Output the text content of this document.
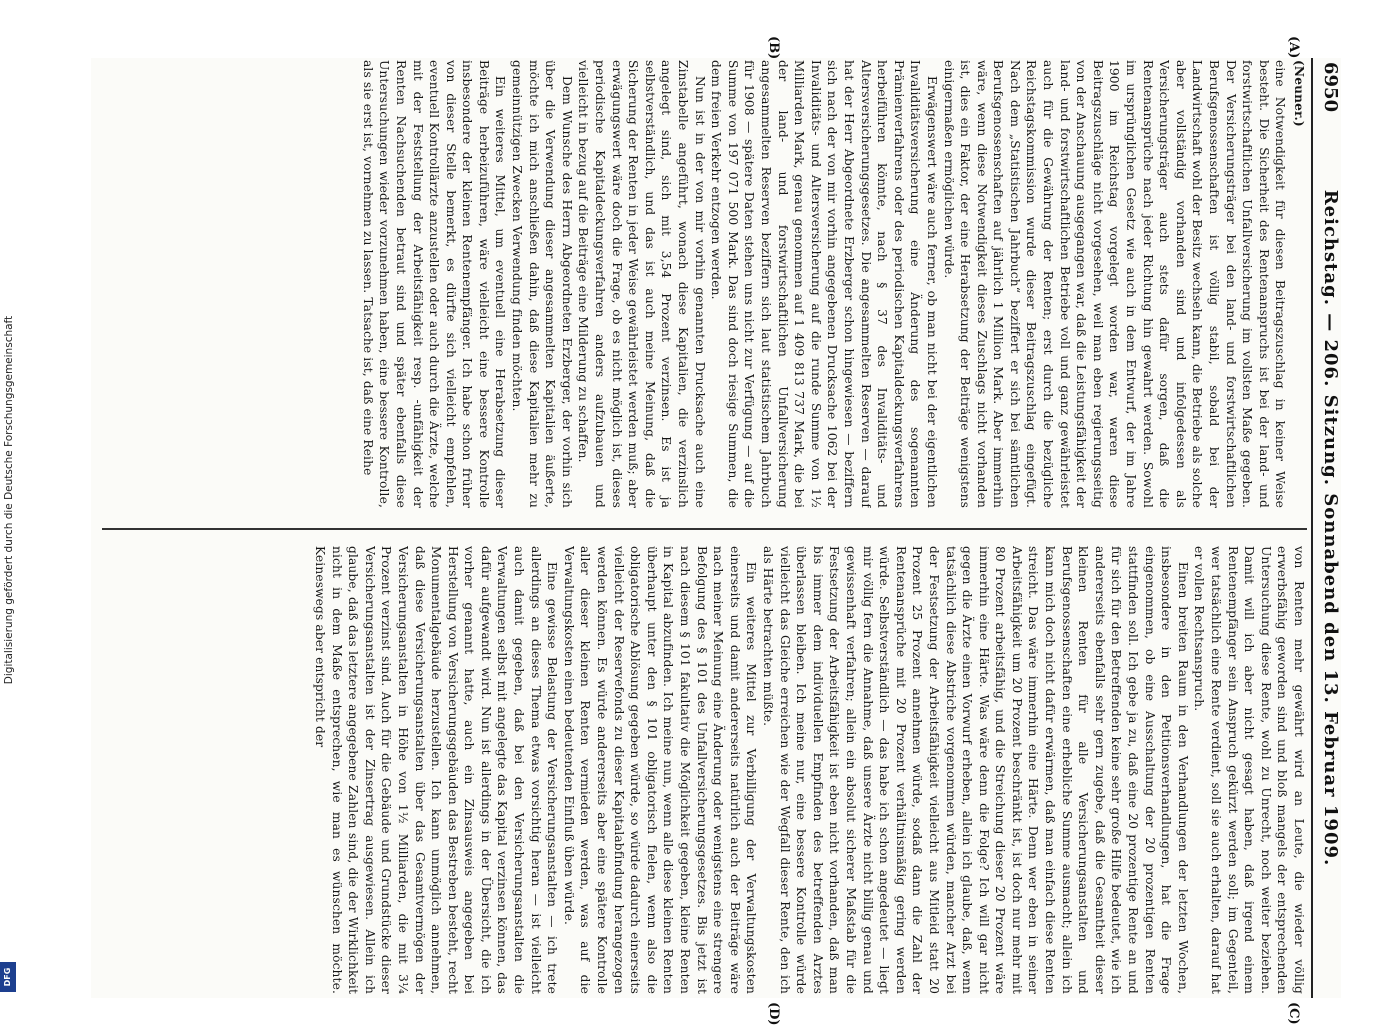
Digitalisierung gefördert durch die Deutsche Forschungsgemeinschaft
DFG
6950
Reichstag. — 206. Sitzung. Sonnabend den 13. Februar 1909.
(A)
(B)
(C)
(D)

(Neuner.)

eine Notwendigkeit für diesen Beitragszuschlag in keiner Weise besteht. Die Sicherheit des Rentenanspruchs ist bei der land- und forstwirtschaftlichen Unfallversicherung im vollsten Maße gegeben. Der Versicherungsträger bei den land- und forstwirtschaftlichen Berufsgenossenschaften ist völlig stabil, sobald bei der Landwirtschaft wohl der Besitz wechseln kann, die Betriebe als solche aber vollständig vorhanden sind und infolgedessen als Versicherungsträger auch stets dafür sorgen, daß die Rentenansprüche nach jeder Richtung hin gewahrt werden. Sowohl im ursprünglichen Gesetz wie auch in dem Entwurf, der im Jahre 1900 im Reichstag vorgelegt worden war, waren diese Beitragszuschläge nicht vorgesehen, weil man eben regierungsseitig von der Anschauung ausgegangen war, daß die Leistungsfähigkeit der land- und forstwirtschaftlichen Betriebe voll und ganz gewährleistet auch für die Gewährung der Renten; erst durch die bezügliche Reichstagskommission wurde dieser Beitragszuschlag eingefügt. Nach dem „Statistischen Jahrbuch“ beziffert er sich bei sämtlichen Berufsgenossenschaften auf jährlich 1 Million Mark. Aber immerhin wäre, wenn diese Notwendigkeit dieses Zuschlags nicht vorhanden ist, dies ein Faktor, der eine Herabsetzung der Beiträge wenigstens einigermaßen ermöglichen würde.

Erwägenswert wäre auch ferner, ob man nicht bei der eigentlichen Invaliditätsversicherung eine Änderung des sogenannten Prämienverfahrens oder des periodischen Kapitaldeckungsverfahrens herbeiführen könnte, nach § 37 des Invaliditäts- und Altersversicherungsgesetzes. Die angesammelten Reserven — darauf hat der Herr Abgeordnete Erzberger schon hingewiesen — beziffern sich nach der von mir vorhin angegebenen Drucksache 1062 bei der Invaliditäts- und Altersversicherung auf die runde Summe von 1½ Milliarden Mark, genau genommen auf 1 409 813 737 Mark, die bei der land- und forstwirtschaftlichen Unfallversicherung angesammelten Reserven beziffern sich laut statistischem Jahrbuch für 1908 — spätere Daten stehen uns nicht zur Verfügung — auf die Summe von 197 071 500 Mark. Das sind doch riesige Summen, die dem freien Verkehr entzogen werden.

Nun ist in der von mir vorhin genannten Drucksache auch eine Zinstabelle angeführt, wonach diese Kapitalien, die verzinslich angelegt sind, sich mit 3,54 Prozent verzinsen. Es ist ja selbstverständlich, und das ist auch meine Meinung, daß die Sicherung der Renten in jeder Weise gewährleistet werden muß; aber erwägungswert wäre doch die Frage, ob es nicht möglich ist, dieses periodische Kapitaldeckungsverfahren anders aufzubauen und vielleicht in bezug auf die Beiträge eine Milderung zu schaffen.

Dem Wunsche des Herrn Abgeordneten Erzberger, der vorhin sich über die Verwendung dieser angesammelten Kapitalien äußerte, möchte ich mich anschließen dahin, daß diese Kapitalien mehr zu gemeinnützigen Zwecken Verwendung finden möchten.

Ein weiteres Mittel, um eventuell eine Herabsetzung dieser Beiträge herbeizuführen, wäre vielleicht eine bessere Kontrolle insbesondere der kleinen Rentenempfänger. Ich habe schon früher von dieser Stelle bemerkt, es dürfte sich vielleicht empfehlen, eventuell Kontrollärzte anzustellen oder auch durch die Ärzte, welche mit der Feststellung der Arbeitsfähigkeit resp. -unfähigkeit der Renten Nachsuchenden betraut sind und später ebenfalls diese Untersuchungen wieder vorzunehmen haben, eine bessere Kontrolle, als sie erst ist, vornehmen zu lassen. Tatsache ist, daß eine Reihe

von Renten mehr gewährt wird an Leute, die wieder völlig erwerbsfähig geworden sind und bloß mangels der entsprechenden Untersuchung diese Rente, wohl zu Unrecht, noch weiter beziehen. Damit will ich aber nicht gesagt haben, daß irgend einem Rentenempfänger sein Anspruch gekürzt werden soll; im Gegenteil, wer tatsächlich eine Rente verdient, soll sie auch erhalten, darauf hat er vollen Rechtsanspruch.

Einen breiten Raum in den Verhandlungen der letzten Wochen, insbesondere in den Petitionsverhandlungen, hat die Frage eingenommen, ob eine Ausschaltung der 20 prozentigen Renten stattfinden soll. Ich gebe ja zu, daß eine 20 prozentige Rente an und für sich für den Betreffenden keine sehr große Hilfe bedeutet, wie ich andererseits ebenfalls sehr gern zugebe, daß die Gesamtheit dieser kleinen Renten für alle Versicherungsanstalten und Berufsgenossenschaften eine erhebliche Summe ausmacht; allein ich kann mich doch nicht dafür erwärmen, daß man einfach diese Renten streicht. Das wäre immerhin eine Härte. Denn wer eben in seiner Arbeitsfähigkeit um 20 Prozent beschränkt ist, ist doch nur mehr mit 80 Prozent arbeitsfähig, und die Streichung dieser 20 Prozent wäre immerhin eine Härte. Was wäre denn die Folge? Ich will gar nicht gegen die Ärzte einen Vorwurf erheben, allein ich glaube, daß, wenn tatsächlich diese Abstriche vorgenommen würden, mancher Arzt bei der Festsetzung der Arbeitsfähigkeit vielleicht aus Mitleid statt 20 Prozent 25 Prozent annehmen würde, sodaß dann die Zahl der Rentenansprüche mit 20 Prozent verhältnismäßig gering werden würde. Selbstverständlich — das habe ich schon angedeutet — liegt mir völlig fern die Annahme, daß unsere Ärzte nicht billig genau und gewissenhaft verfahren; allein ein absolut sicherer Maßstab für die Festsetzung der Arbeitsfähigkeit ist eben nicht vorhanden, daß man bis immer dem individuellen Empfinden des betreffenden Arztes überlassen bleiben. Ich meine nur, eine bessere Kontrolle würde vielleicht das Gleiche erreichen wie der Wegfall dieser Rente, den ich als Härte betrachten müßte.

Ein weiteres Mittel zur Verbilligung der Verwaltungskosten einerseits und damit andererseits natürlich auch der Beiträge wäre nach meiner Meinung eine Änderung oder wenigstens eine strengere Befolgung des § 101 des Unfallversicherungsgesetzes. Bis jetzt ist nach diesem § 101 fakultativ die Möglichkeit gegeben, kleine Renten in Kapital abzufinden. Ich meine nun, wenn alle diese kleinen Renten überhaupt unter den § 101 obligatorisch fielen, wenn also die obligatorische Ablösung gegeben würde, so würde dadurch einerseits vielleicht der Reservefonds zu dieser Kapitalabfindung herangezogen werden können. Es würde andererseits aber eine spätere Kontrolle aller dieser kleinen Renten vermieden werden, was auf die Verwaltungskosten einen bedeutenden Einfluß üben würde.

Eine gewisse Belastung der Versicherungsanstalten — ich trete allerdings an dieses Thema etwas vorsichtig heran — ist vielleicht auch damit gegeben, daß bei den Versicherungsanstalten die Verwaltungen selbst mit angelegte das Kapital verzinsen können, das dafür aufgewandt wird. Nun ist allerdings in der Übersicht, die ich vorher genannt hatte, auch ein Zinsausweis angegeben bei Herstellung von Versicherungsgebäuden das Bestreben besteht, recht Monumentalgebäude herzustellen. Ich kann unmöglich annehmen, daß diese Versicherungsanstalten über das Gesamtvermögen der Versicherungsanstalten in Höhe von 1½ Milliarden, die mit 3¼ Prozent verzinst sind. Auch für die Gebäude und Grundstücke dieser Versicherungsanstalten ist der Zinsertrag ausgewiesen. Allein ich glaube, daß das letztere angegebene Zahlen sind, die der Wirklichkeit nicht in dem Maße entsprechen, wie man es wünschen möchte. Keineswegs aber entspricht der
